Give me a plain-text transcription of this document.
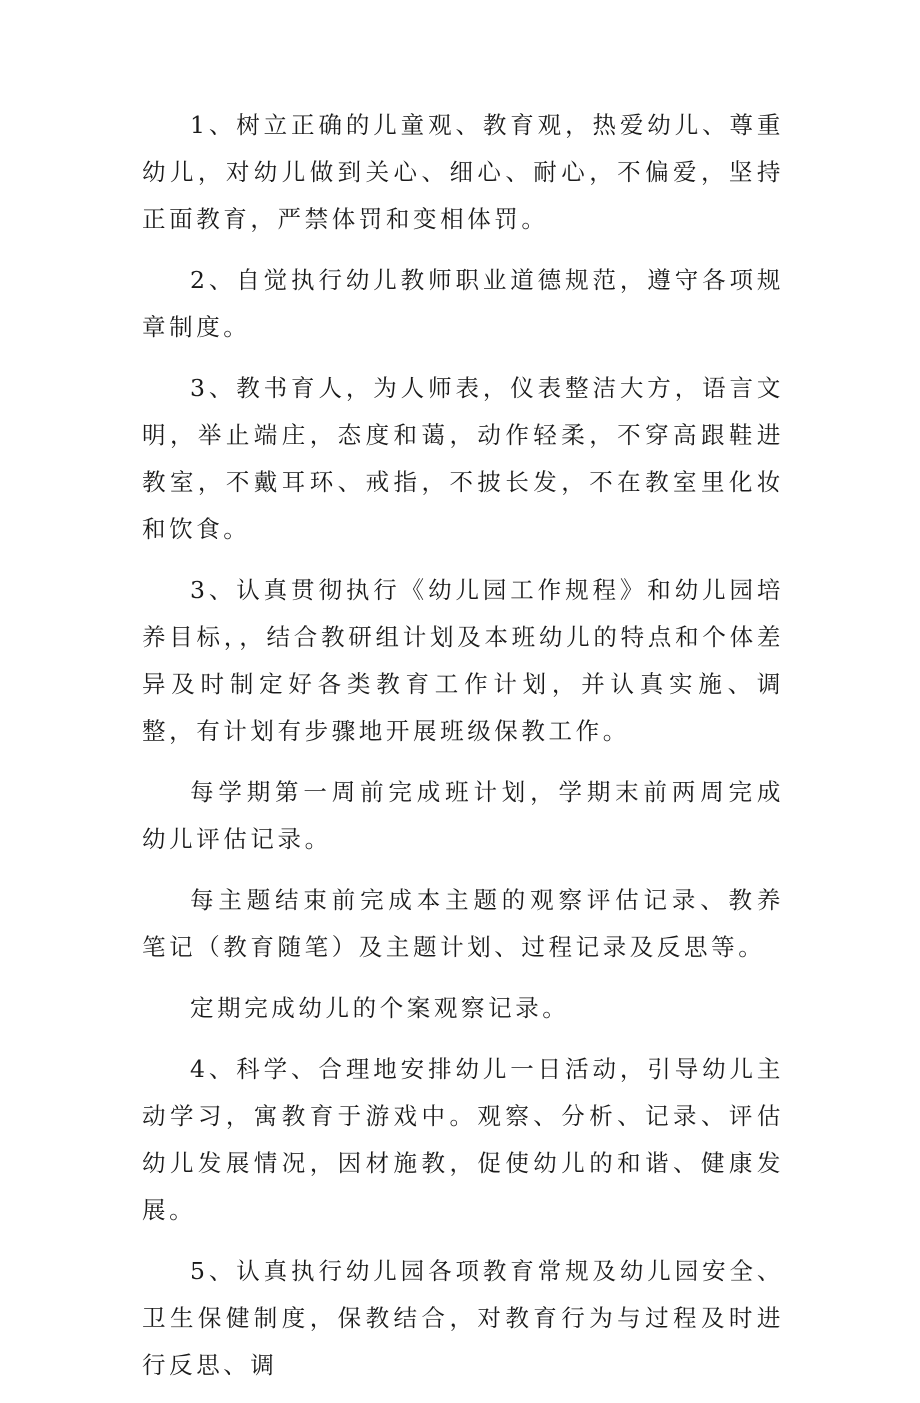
1、树立正确的儿童观、教育观，热爱幼儿、尊重幼儿，对幼儿做到关心、细心、耐心，不偏爱，坚持正面教育，严禁体罚和变相体罚。

2、自觉执行幼儿教师职业道德规范，遵守各项规章制度。

3、教书育人，为人师表，仪表整洁大方，语言文明，举止端庄，态度和蔼，动作轻柔，不穿高跟鞋进教室，不戴耳环、戒指，不披长发，不在教室里化妆和饮食。

3、认真贯彻执行《幼儿园工作规程》和幼儿园培养目标，，结合教研组计划及本班幼儿的特点和个体差异及时制定好各类教育工作计划，并认真实施、调整，有计划有步骤地开展班级保教工作。

每学期第一周前完成班计划，学期末前两周完成幼儿评估记录。

每主题结束前完成本主题的观察评估记录、教养笔记（教育随笔）及主题计划、过程记录及反思等。

定期完成幼儿的个案观察记录。

4、科学、合理地安排幼儿一日活动，引导幼儿主动学习，寓教育于游戏中。观察、分析、记录、评估幼儿发展情况，因材施教，促使幼儿的和谐、健康发展。

5、认真执行幼儿园各项教育常规及幼儿园安全、卫生保健制度，保教结合，对教育行为与过程及时进行反思、调
